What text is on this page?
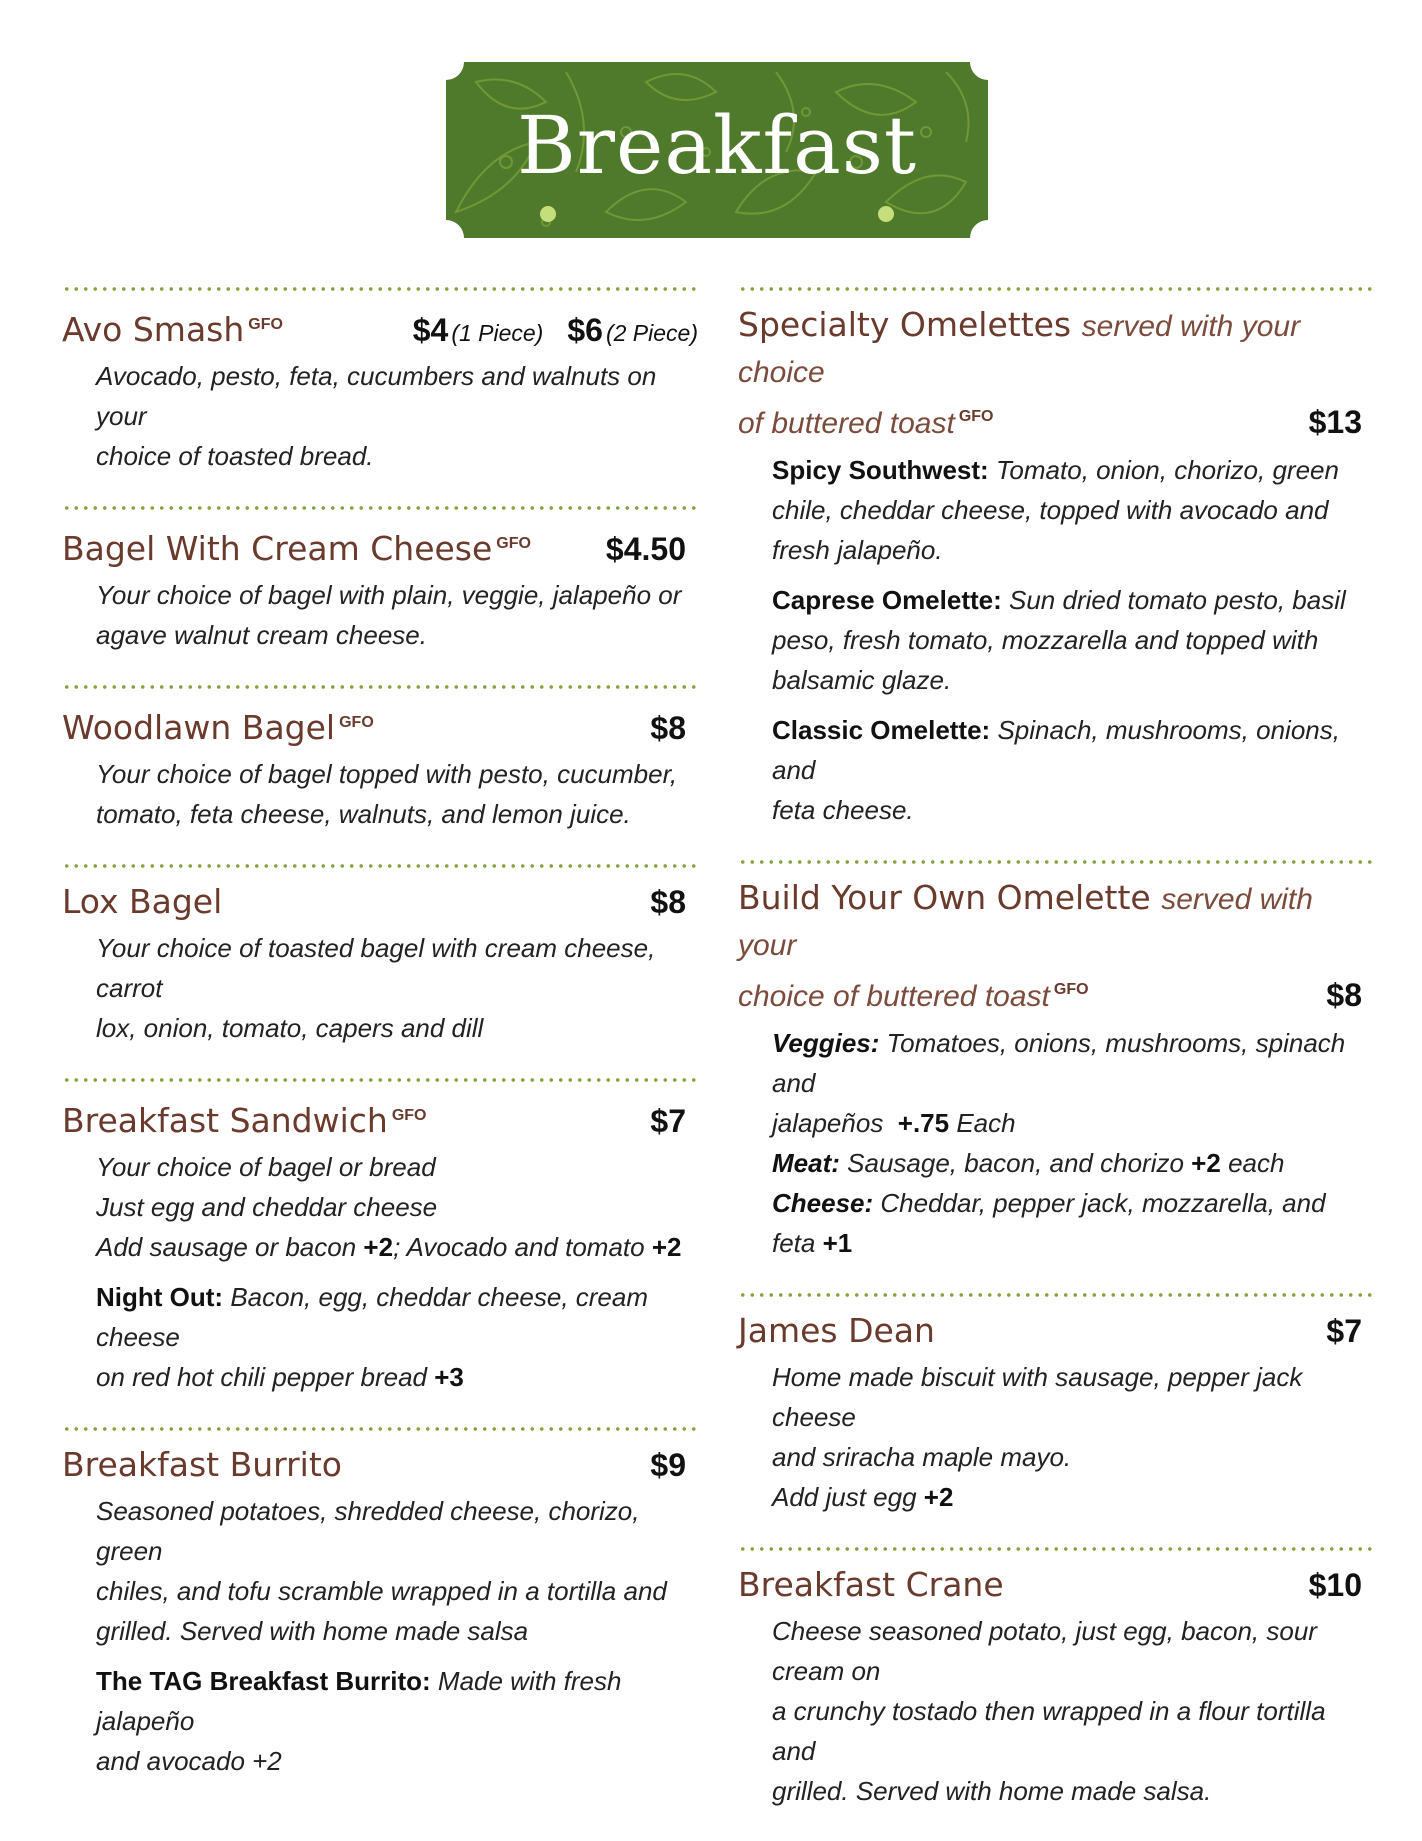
Breakfast
Avo Smash $^{GFO}$	$4 (1 Piece) $6 (2 Piece)

Avocado, pesto, feta, cucumbers and walnuts on your

choice of toasted bread.

Bagel With Cream Cheese $^{GFO}$ $4.50

Your choice of bagel with plain, veggie, jalapeño or

agave walnut cream cheese.

Woodlawn Bagel $^{GFO}$	$8

Your choice of bagel topped with pesto, cucumber,

tomato, feta cheese, walnuts, and lemon juice.

Lox Bagel	$8

Your choice of toasted bagel with cream cheese, carrot

lox, onion, tomato, capers and dill

Breakfast Sandwich $^{GFO}$	$7

Your choice of bagel or bread

Just egg and cheddar cheese

Add sausage or bacon +2; Avocado and tomato +2

Night Out: Bacon, egg, cheddar cheese, cream cheese

on red hot chili pepper bread +3

Breakfast Burrito	$9

Seasoned potatoes, shredded cheese, chorizo, green

chiles, and tofu scramble wrapped in a tortilla and

grilled. Served with home made salsa

The TAG Breakfast Burrito: Made with fresh jalapeño

and avocado +2

Specialty Omelettes served with your choice
of buttered toast $^{GFO}$	$13

Spicy Southwest: Tomato, onion, chorizo, green

chile, cheddar cheese, topped with avocado and

fresh jalapeño.

Caprese Omelette: Sun dried tomato pesto, basil

peso, fresh tomato, mozzarella and topped with

balsamic glaze.

Classic Omelette: Spinach, mushrooms, onions, and

feta cheese.

Build Your Own Omelette served with your
choice of buttered toast $^{GFO}$	$8

Veggies: Tomatoes, onions, mushrooms, spinach and

jalapeños +.75 Each

Meat: Sausage, bacon, and chorizo +2 each

Cheese: Cheddar, pepper jack, mozzarella, and feta +1

James Dean	$7

Home made biscuit with sausage, pepper jack cheese

and sriracha maple mayo.

Add just egg +2

Breakfast Crane	$10

Cheese seasoned potato, just egg, bacon, sour cream on

a crunchy tostado then wrapped in a flour tortilla and

grilled. Served with home made salsa.
